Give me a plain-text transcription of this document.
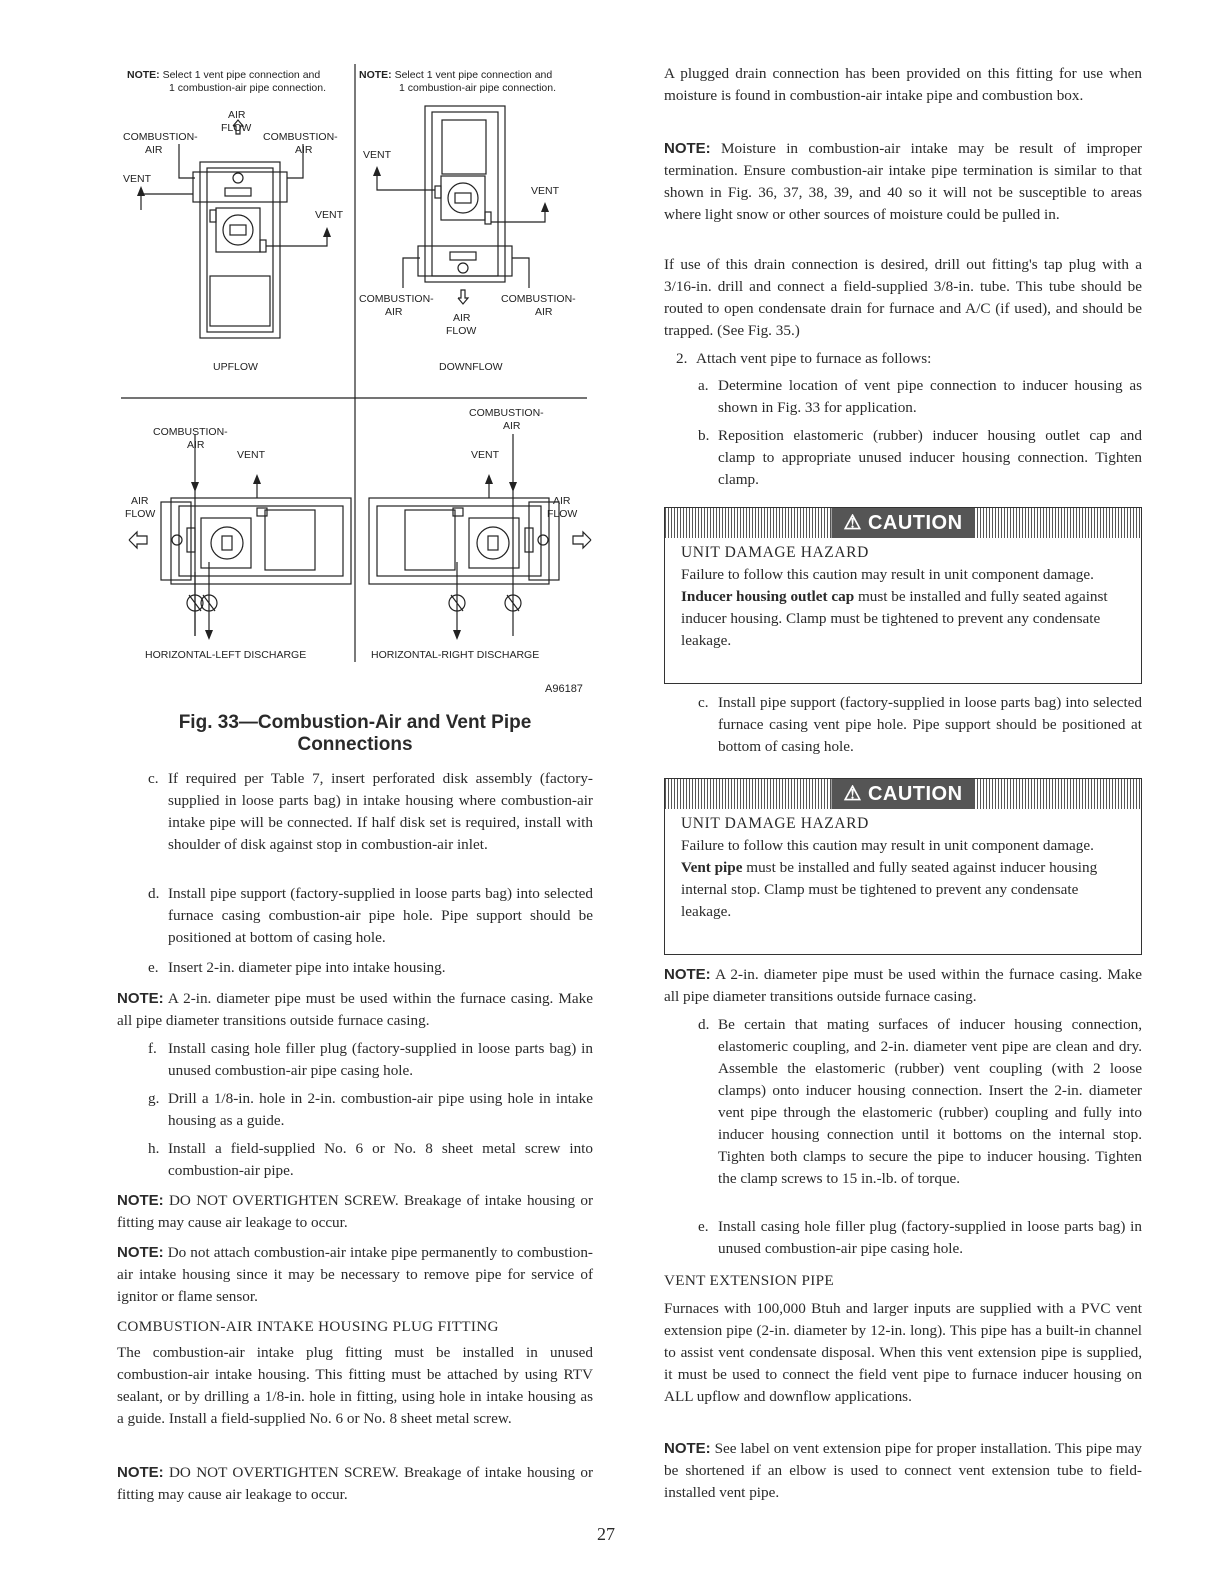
NOTE: Select 1 vent pipe connection and
1 combustion-air pipe connection.
NOTE: Select 1 vent pipe connection and
1 combustion-air pipe connection.
AIR
FLOW
COMBUSTION-
AIR
COMBUSTION-
AIR
VENT
VENT
UPFLOW
VENT
VENT
COMBUSTION-
AIR
COMBUSTION-
AIR
AIR
FLOW
DOWNFLOW
COMBUSTION-
AIR
VENT
AIR
FLOW
HORIZONTAL-LEFT DISCHARGE
COMBUSTION-
AIR
VENT
AIR
FLOW
HORIZONTAL-RIGHT DISCHARGE
A96187
Fig. 33—Combustion-Air and Vent Pipe
Connections
c. If required per Table 7, insert perforated disk assembly (factory-supplied in loose parts bag) in intake housing where combustion-air intake pipe will be connected. If half disk set is required, install with shoulder of disk against stop in combustion-air inlet.
d. Install pipe support (factory-supplied in loose parts bag) into selected furnace casing combustion-air pipe hole. Pipe support should be positioned at bottom of casing hole.
e. Insert 2-in. diameter pipe into intake housing.
NOTE: A 2-in. diameter pipe must be used within the furnace casing. Make all pipe diameter transitions outside furnace casing.
f. Install casing hole filler plug (factory-supplied in loose parts bag) in unused combustion-air pipe casing hole.
g. Drill a 1/8-in. hole in 2-in. combustion-air pipe using hole in intake housing as a guide.
h. Install a field-supplied No. 6 or No. 8 sheet metal screw into combustion-air pipe.
NOTE: DO NOT OVERTIGHTEN SCREW. Breakage of intake housing or fitting may cause air leakage to occur.
NOTE: Do not attach combustion-air intake pipe permanently to combustion-air intake housing since it may be necessary to remove pipe for service of ignitor or flame sensor.
COMBUSTION-AIR INTAKE HOUSING PLUG FITTING
The combustion-air intake plug fitting must be installed in unused combustion-air intake housing. This fitting must be attached by using RTV sealant, or by drilling a 1/8-in. hole in fitting, using hole in intake housing as a guide. Install a field-supplied No. 6 or No. 8 sheet metal screw.
NOTE: DO NOT OVERTIGHTEN SCREW. Breakage of intake housing or fitting may cause air leakage to occur.
A plugged drain connection has been provided on this fitting for use when moisture is found in combustion-air intake pipe and combustion box.
NOTE: Moisture in combustion-air intake may be result of improper termination. Ensure combustion-air intake pipe termination is similar to that shown in Fig. 36, 37, 38, 39, and 40 so it will not be susceptible to areas where light snow or other sources of moisture could be pulled in.
If use of this drain connection is desired, drill out fitting's tap plug with a 3/16-in. drill and connect a field-supplied 3/8-in. tube. This tube should be routed to open condensate drain for furnace and A/C (if used), and should be trapped. (See Fig. 35.)
2. Attach vent pipe to furnace as follows:
a. Determine location of vent pipe connection to inducer housing as shown in Fig. 33 for application.
b. Reposition elastomeric (rubber) inducer housing outlet cap and clamp to appropriate unused inducer housing connection. Tighten clamp.
⚠ CAUTION
UNIT DAMAGE HAZARD
Failure to follow this caution may result in unit component damage.
Inducer housing outlet cap must be installed and fully seated against inducer housing. Clamp must be tightened to prevent any condensate leakage.
c. Install pipe support (factory-supplied in loose parts bag) into selected furnace casing vent pipe hole. Pipe support should be positioned at bottom of casing hole.
⚠ CAUTION
UNIT DAMAGE HAZARD
Failure to follow this caution may result in unit component damage.
Vent pipe must be installed and fully seated against inducer housing internal stop. Clamp must be tightened to prevent any condensate leakage.
NOTE: A 2-in. diameter pipe must be used within the furnace casing. Make all pipe diameter transitions outside furnace casing.
d. Be certain that mating surfaces of inducer housing connection, elastomeric coupling, and 2-in. diameter vent pipe are clean and dry. Assemble the elastomeric (rubber) vent coupling (with 2 loose clamps) onto inducer housing connection. Insert the 2-in. diameter vent pipe through the elastomeric (rubber) coupling and fully into inducer housing connection until it bottoms on the internal stop. Tighten both clamps to secure the pipe to inducer housing. Tighten the clamp screws to 15 in.-lb. of torque.
e. Install casing hole filler plug (factory-supplied in loose parts bag) in unused combustion-air pipe casing hole.
VENT EXTENSION PIPE
Furnaces with 100,000 Btuh and larger inputs are supplied with a PVC vent extension pipe (2-in. diameter by 12-in. long). This pipe has a built-in channel to assist vent condensate disposal. When this vent extension pipe is supplied, it must be used to connect the field vent pipe to furnace inducer housing on ALL upflow and downflow applications.
NOTE: See label on vent extension pipe for proper installation. This pipe may be shortened if an elbow is used to connect vent extension tube to field-installed vent pipe.
27
